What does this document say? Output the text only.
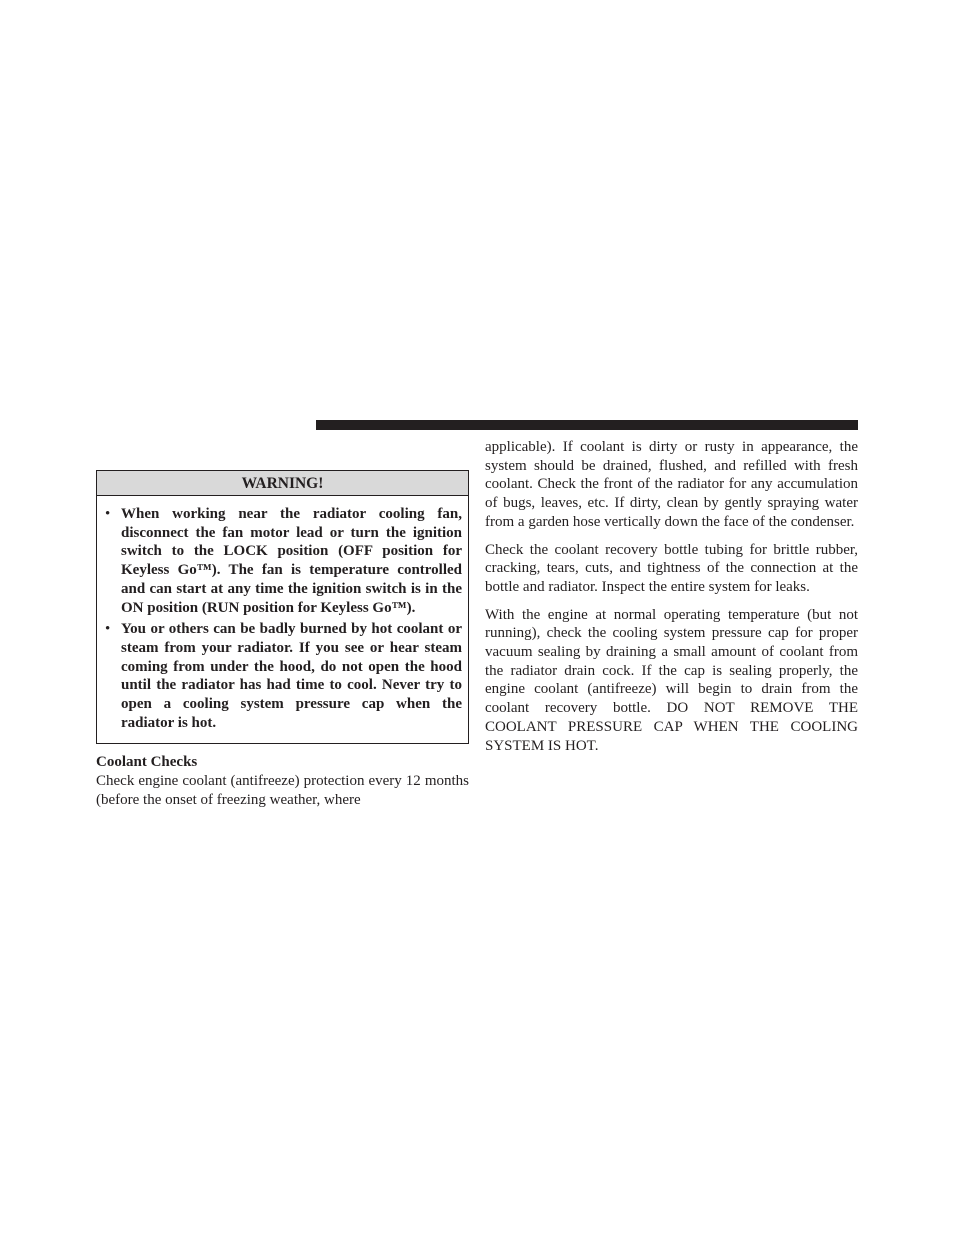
WARNING!
• When working near the radiator cooling fan, disconnect the fan motor lead or turn the ignition switch to the LOCK position (OFF position for Keyless Go™). The fan is temperature controlled and can start at any time the ignition switch is in the ON position (RUN position for Keyless Go™).
• You or others can be badly burned by hot coolant or steam from your radiator. If you see or hear steam coming from under the hood, do not open the hood until the radiator has had time to cool. Never try to open a cooling system pressure cap when the radiator is hot.
Coolant Checks

Check engine coolant (antifreeze) protection every 12 months (before the onset of freezing weather, where

applicable). If coolant is dirty or rusty in appearance, the system should be drained, flushed, and refilled with fresh coolant. Check the front of the radiator for any accumulation of bugs, leaves, etc. If dirty, clean by gently spraying water from a garden hose vertically down the face of the condenser.

Check the coolant recovery bottle tubing for brittle rubber, cracking, tears, cuts, and tightness of the connection at the bottle and radiator. Inspect the entire system for leaks.

With the engine at normal operating temperature (but not running), check the cooling system pressure cap for proper vacuum sealing by draining a small amount of coolant from the radiator drain cock. If the cap is sealing properly, the engine coolant (antifreeze) will begin to drain from the coolant recovery bottle. DO NOT REMOVE THE COOLANT PRESSURE CAP WHEN THE COOLING SYSTEM IS HOT.
